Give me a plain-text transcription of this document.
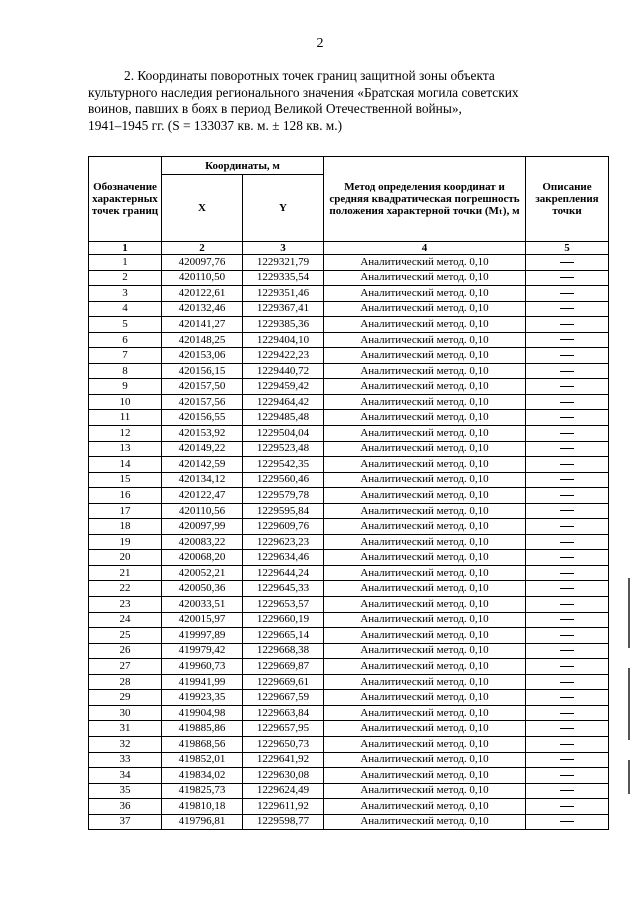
2
2. Координаты поворотных точек границ защитной зоны объекта
культурного наследия регионального значения «Братская могила советских
воинов, павших в боях в период Великой Отечественной войны»,
1941–1945 гг. (S = 133037 кв. м. ± 128 кв. м.)
Обозначение характерных точек границ	Координаты, м		Метод определения координат и средняя квадратическая погрешность положения характерной точки (Мₜ), м	Описание закрепления точки
	X	Y		
1	2	3	4	5
1	420097,76	1229321,79	Аналитический метод. 0,10	
2	420110,50	1229335,54	Аналитический метод. 0,10	
3	420122,61	1229351,46	Аналитический метод. 0,10	
4	420132,46	1229367,41	Аналитический метод. 0,10	
5	420141,27	1229385,36	Аналитический метод. 0,10	
6	420148,25	1229404,10	Аналитический метод. 0,10	
7	420153,06	1229422,23	Аналитический метод. 0,10	
8	420156,15	1229440,72	Аналитический метод. 0,10	
9	420157,50	1229459,42	Аналитический метод. 0,10	
10	420157,56	1229464,42	Аналитический метод. 0,10	
11	420156,55	1229485,48	Аналитический метод. 0,10	
12	420153,92	1229504,04	Аналитический метод. 0,10	
13	420149,22	1229523,48	Аналитический метод. 0,10	
14	420142,59	1229542,35	Аналитический метод. 0,10	
15	420134,12	1229560,46	Аналитический метод. 0,10	
16	420122,47	1229579,78	Аналитический метод. 0,10	
17	420110,56	1229595,84	Аналитический метод. 0,10	
18	420097,99	1229609,76	Аналитический метод. 0,10	
19	420083,22	1229623,23	Аналитический метод. 0,10	
20	420068,20	1229634,46	Аналитический метод. 0,10	
21	420052,21	1229644,24	Аналитический метод. 0,10	
22	420050,36	1229645,33	Аналитический метод. 0,10	
23	420033,51	1229653,57	Аналитический метод. 0,10	
24	420015,97	1229660,19	Аналитический метод. 0,10	
25	419997,89	1229665,14	Аналитический метод. 0,10	
26	419979,42	1229668,38	Аналитический метод. 0,10	
27	419960,73	1229669,87	Аналитический метод. 0,10	
28	419941,99	1229669,61	Аналитический метод. 0,10	
29	419923,35	1229667,59	Аналитический метод. 0,10	
30	419904,98	1229663,84	Аналитический метод. 0,10	
31	419885,86	1229657,95	Аналитический метод. 0,10	
32	419868,56	1229650,73	Аналитический метод. 0,10	
33	419852,01	1229641,92	Аналитический метод. 0,10	
34	419834,02	1229630,08	Аналитический метод. 0,10	
35	419825,73	1229624,49	Аналитический метод. 0,10	
36	419810,18	1229611,92	Аналитический метод. 0,10	
37	419796,81	1229598,77	Аналитический метод. 0,10	
